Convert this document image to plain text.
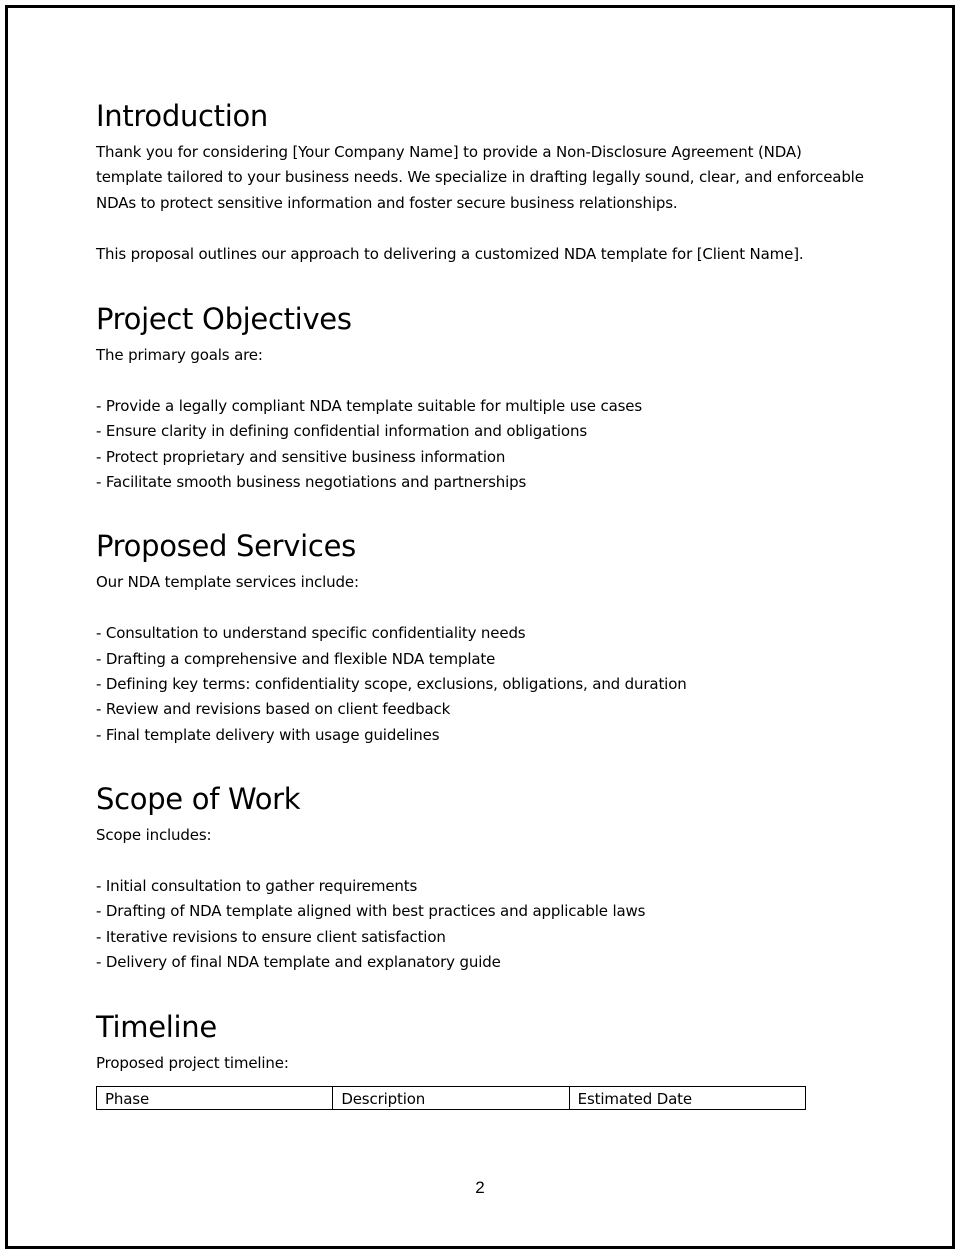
Introduction

Thank you for considering [Your Company Name] to provide a Non-Disclosure Agreement (NDA)

template tailored to your business needs. We specialize in drafting legally sound, clear, and enforceable

NDAs to protect sensitive information and foster secure business relationships.

This proposal outlines our approach to delivering a customized NDA template for [Client Name].

Project Objectives

The primary goals are:

- Provide a legally compliant NDA template suitable for multiple use cases

- Ensure clarity in defining confidential information and obligations

- Protect proprietary and sensitive business information

- Facilitate smooth business negotiations and partnerships

Proposed Services

Our NDA template services include:

- Consultation to understand specific confidentiality needs

- Drafting a comprehensive and flexible NDA template

- Defining key terms: confidentiality scope, exclusions, obligations, and duration

- Review and revisions based on client feedback

- Final template delivery with usage guidelines

Scope of Work

Scope includes:

- Initial consultation to gather requirements

- Drafting of NDA template aligned with best practices and applicable laws

- Iterative revisions to ensure client satisfaction

- Delivery of final NDA template and explanatory guide

Timeline

Proposed project timeline:

Phase	Description	Estimated Date
2
